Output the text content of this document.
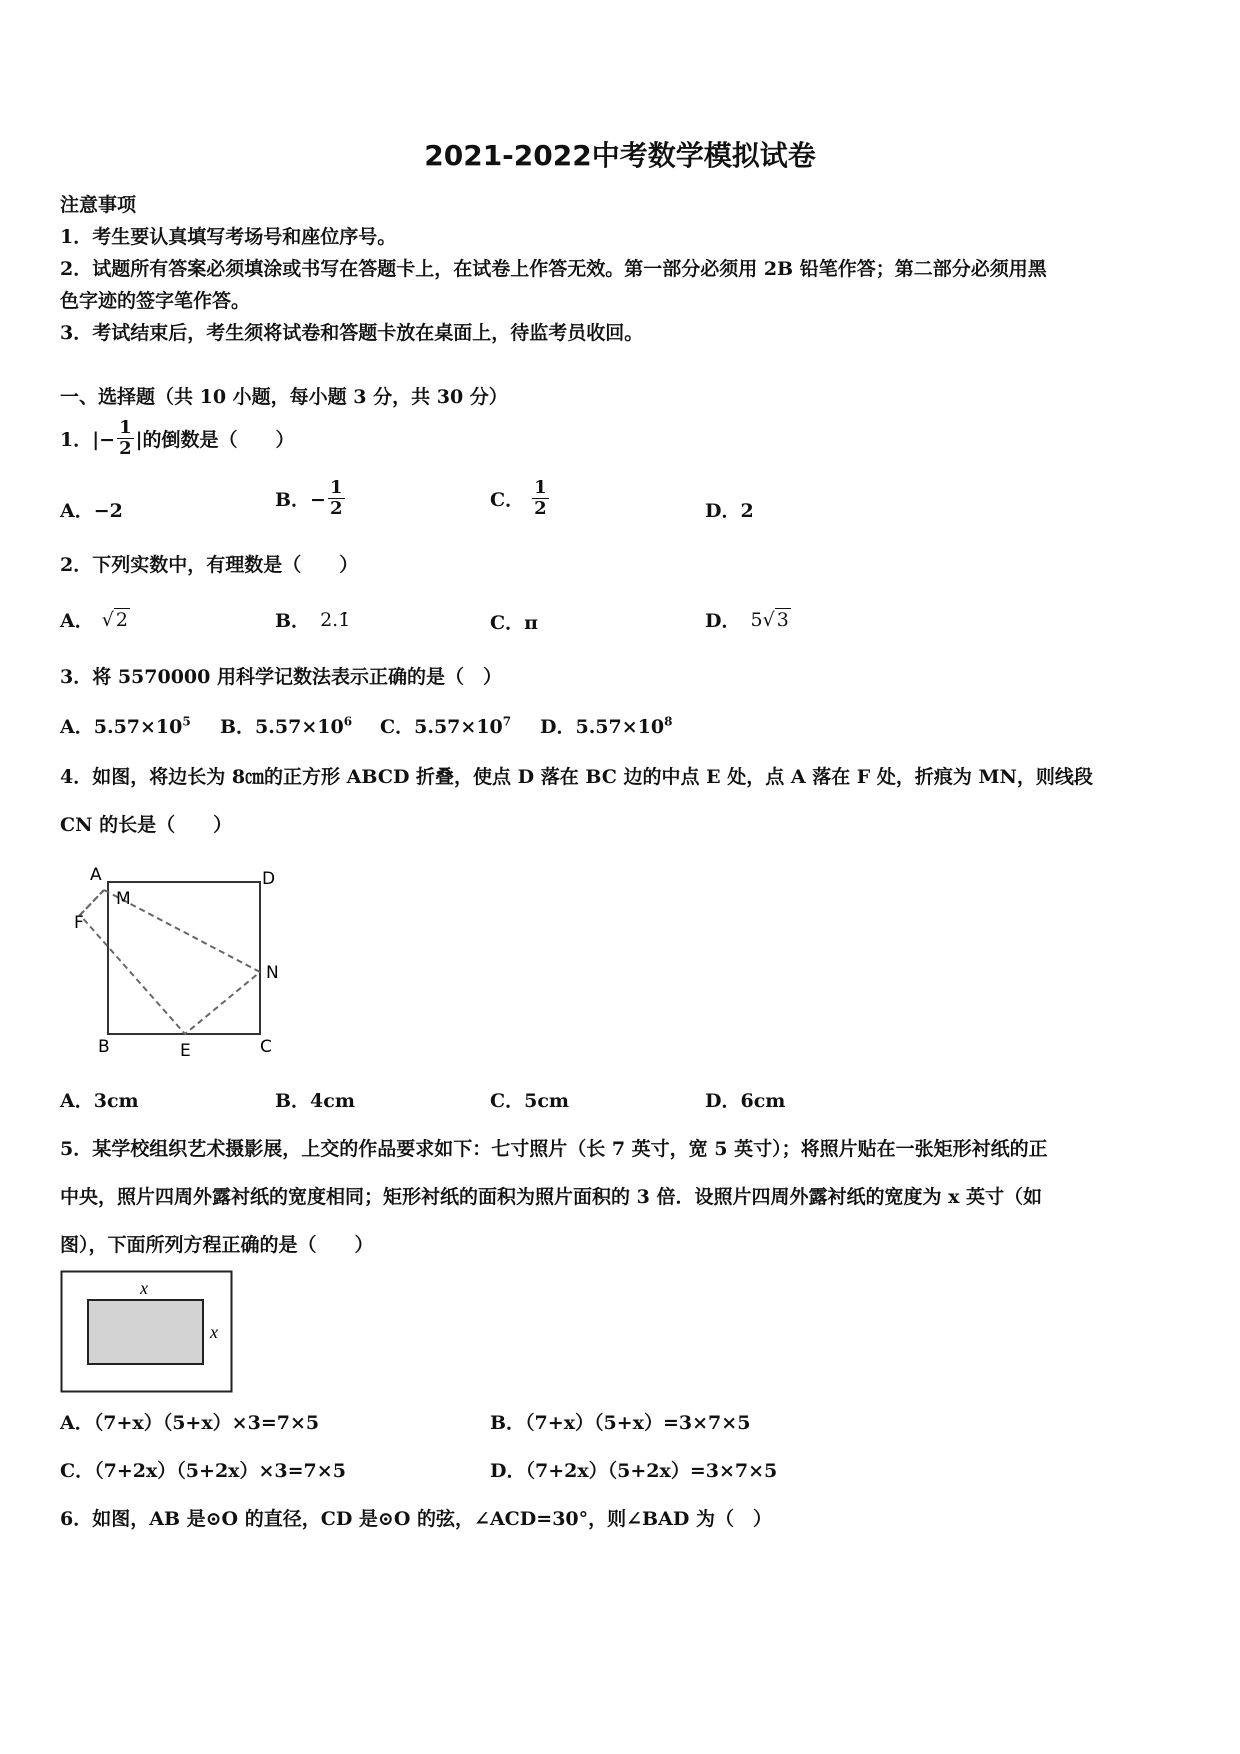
2021-2022中考数学模拟试卷
注意事项
1．考生要认真填写考场号和座位序号。
2．试题所有答案必须填涂或书写在答题卡上，在试卷上作答无效。第一部分必须用 2B 铅笔作答；第二部分必须用黑
色字迹的签字笔作答。
3．考试结束后，考生须将试卷和答题卡放在桌面上，待监考员收回。
一、选择题（共 10 小题，每小题 3 分，共 30 分）
1．|− $\frac{1}{2}$ |的倒数是（　　）
A．−2	B．− $\frac{1}{2}$	C． $\frac{1}{2}$	D．2
2．下列实数中，有理数是（　　）
A． √ 2	B． 2.1̇	C．π	D． 5 √ 3
3．将 5570000 用科学记数法表示正确的是（　）
A．$5.57\times 10^5$ B．$5.57\times 10^6$ C．$5.57\times 10^7$ D．$5.57\times 10^8$
4．如图，将边长为 8㎝的正方形 ABCD 折叠，使点 D 落在 BC 边的中点 E 处，点 A 落在 F 处，折痕为 MN，则线段
CN 的长是（　　）
A	D
M
F
N
B	E	C
A．3cm	B．4cm	C．5cm	D．6cm
5．某学校组织艺术摄影展，上交的作品要求如下：七寸照片（长 7 英寸，宽 5 英寸）；将照片贴在一张矩形衬纸的正
中央，照片四周外露衬纸的宽度相同；矩形衬纸的面积为照片面积的 3 倍．设照片四周外露衬纸的宽度为 x 英寸（如
图），下面所列方程正确的是（　　）
x
x
A．（7+x）（5+x）×3=7×5	B．（7+x）（5+x）=3×7×5
C．（7+2x）（5+2x）×3=7×5	D．（7+2x）（5+2x）=3×7×5
6．如图，AB 是⊙O 的直径，CD 是⊙O 的弦，∠ACD=30°，则∠BAD 为（　）
